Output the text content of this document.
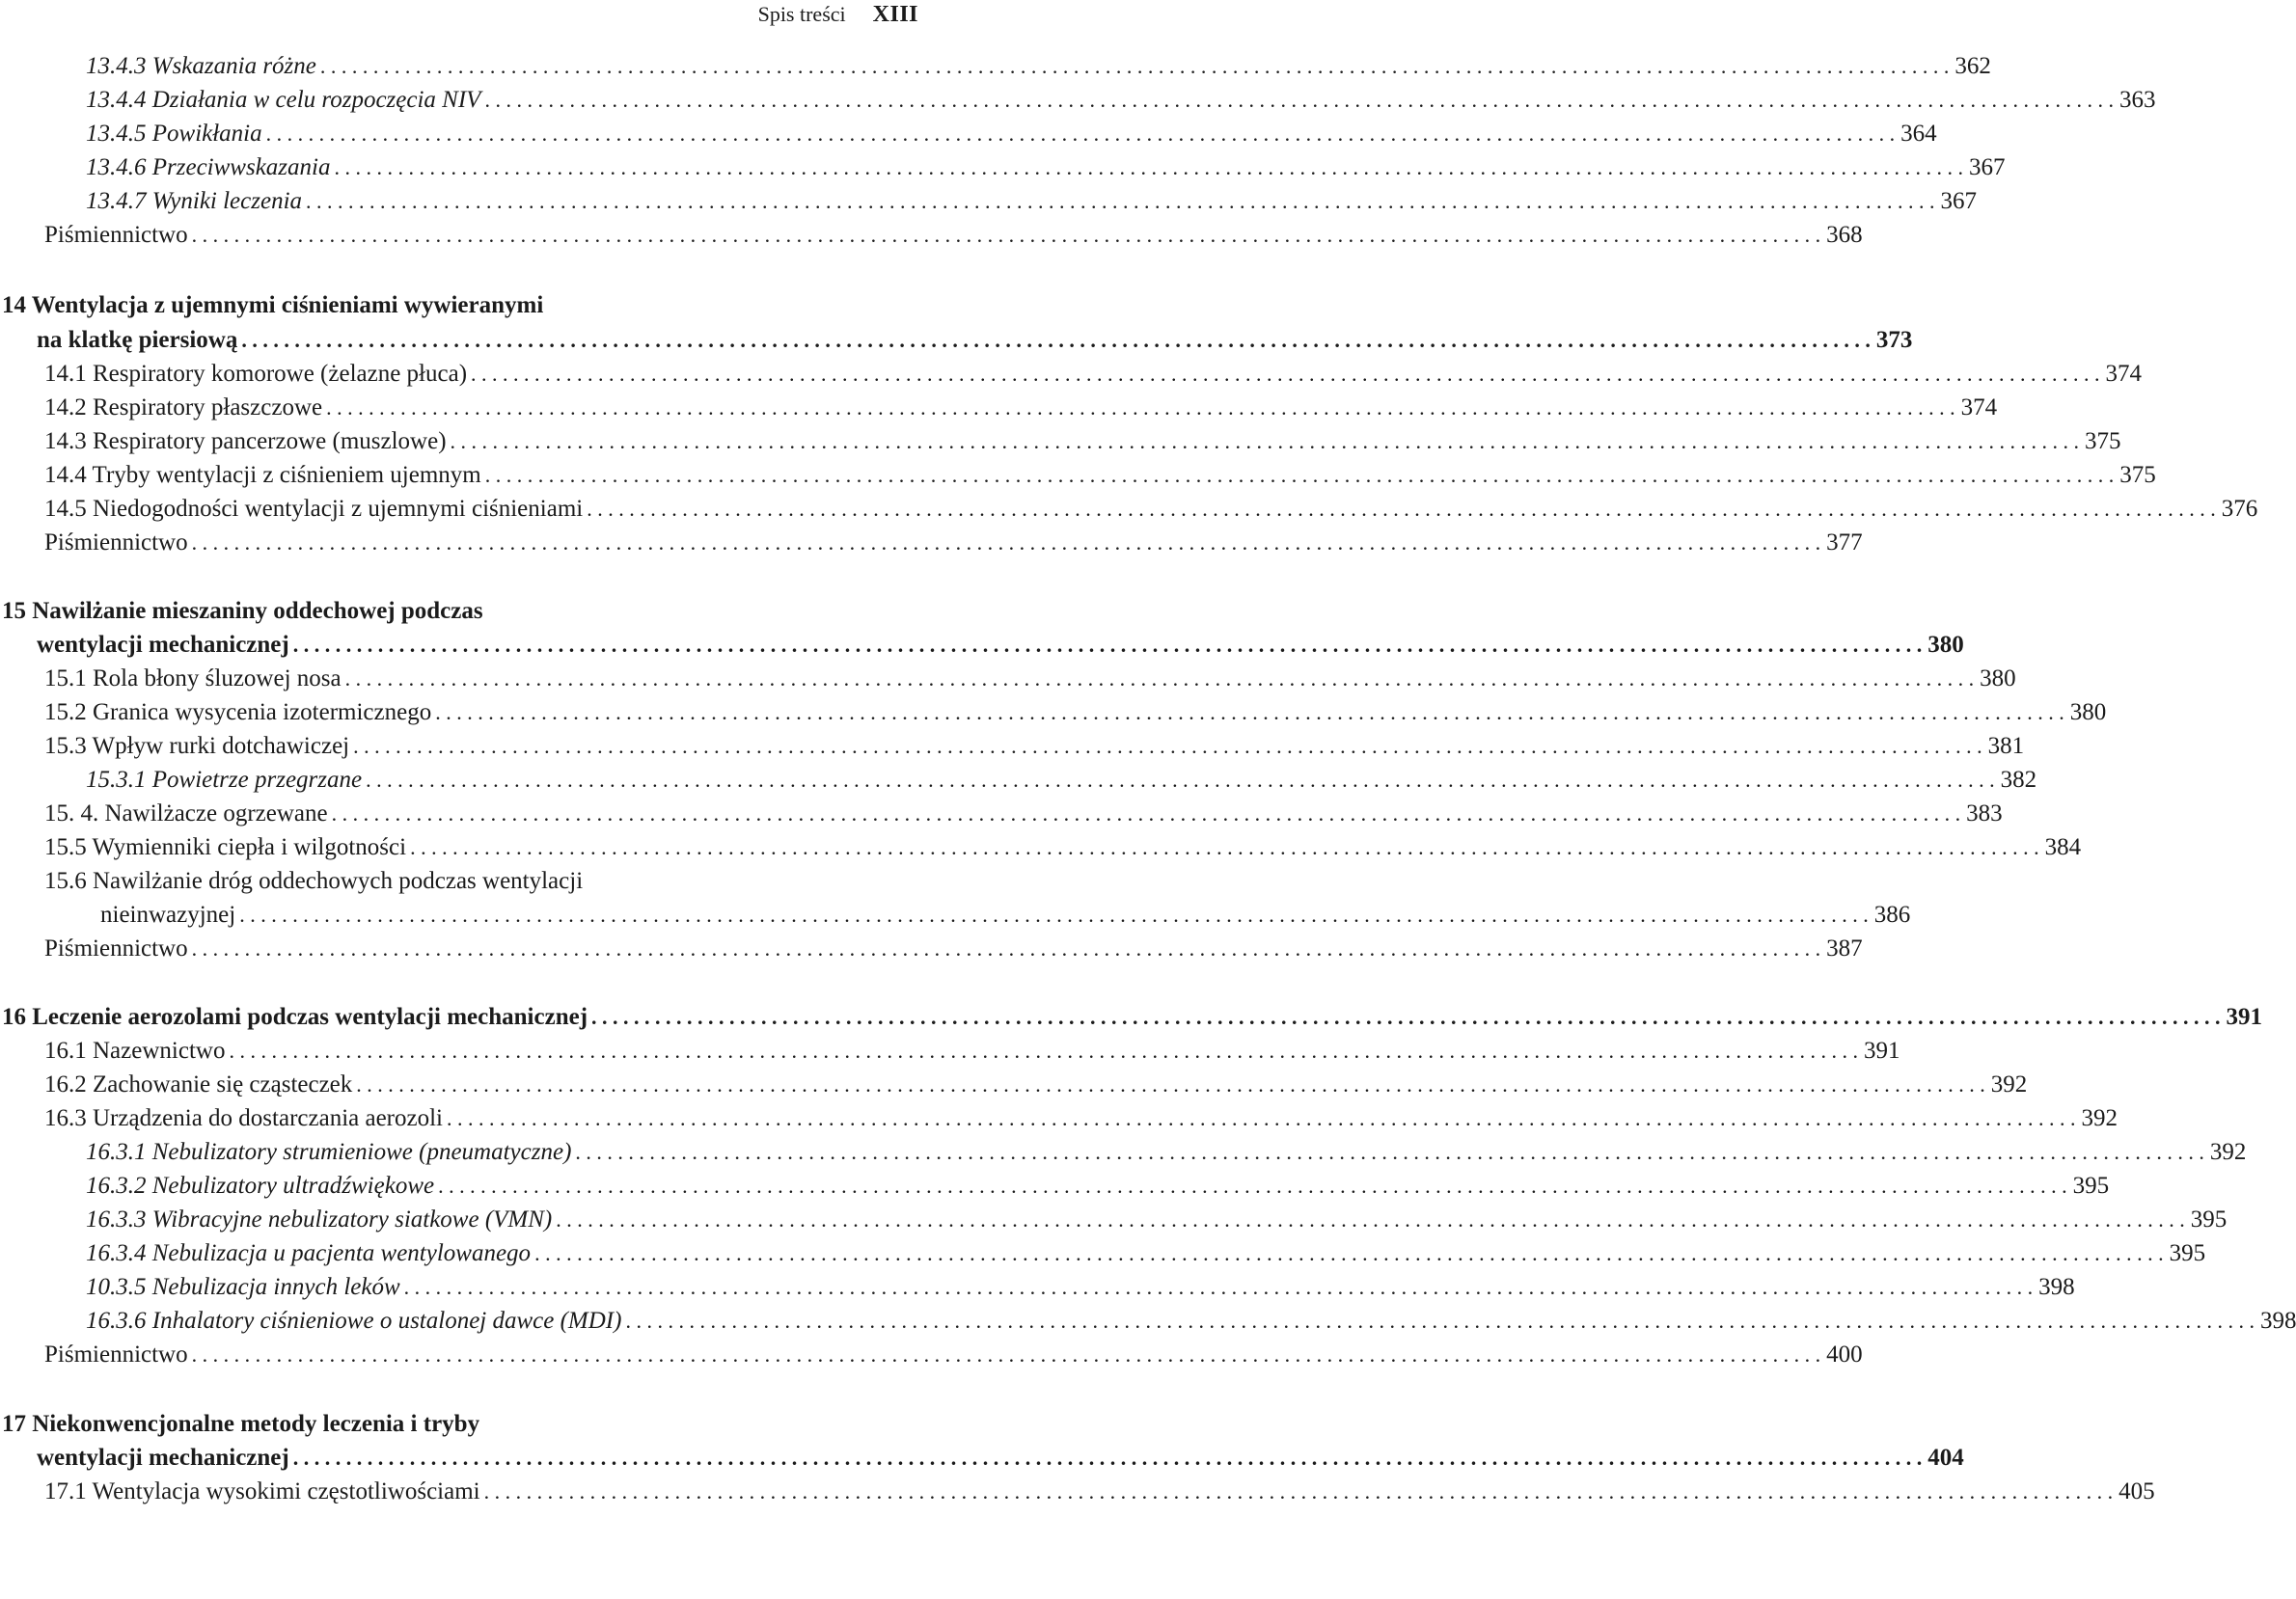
Spis treści XIII
13.4.3 Wskazania różne . . .	362
13.4.4 Działania w celu rozpoczęcia NIV . . .	363
13.4.5 Powikłania . . .	364
13.4.6 Przeciwwskazania . . .	367
13.4.7 Wyniki leczenia . . .	367
Piśmiennictwo . . .	368
14 Wentylacja z ujemnymi ciśnieniami wywieranymi
na klatkę piersiową . . .	373
14.1 Respiratory komorowe (żelazne płuca) . . .	374
14.2 Respiratory płaszczowe . . .	374
14.3 Respiratory pancerzowe (muszlowe) . . .	375
14.4 Tryby wentylacji z ciśnieniem ujemnym . . .	375
14.5 Niedogodności wentylacji z ujemnymi ciśnieniami . . .	376
Piśmiennictwo . . .	377
15 Nawilżanie mieszaniny oddechowej podczas
wentylacji mechanicznej . . .	380
15.1 Rola błony śluzowej nosa . . .	380
15.2 Granica wysycenia izotermicznego . . .	380
15.3 Wpływ rurki dotchawiczej . . .	381
15.3.1 Powietrze przegrzane . . .	382
15. 4. Nawilżacze ogrzewane . . .	383
15.5 Wymienniki ciepła i wilgotności . . .	384
15.6 Nawilżanie dróg oddechowych podczas wentylacji
nieinwazyjnej . . .	386
Piśmiennictwo . . .	387
16 Leczenie aerozolami podczas wentylacji mechanicznej . . .	391
16.1 Nazewnictwo . . .	391
16.2 Zachowanie się cząsteczek . . .	392
16.3 Urządzenia do dostarczania aerozoli . . .	392
16.3.1 Nebulizatory strumieniowe (pneumatyczne) . . .	392
16.3.2 Nebulizatory ultradźwiękowe . . .	395
16.3.3 Wibracyjne nebulizatory siatkowe (VMN) . . .	395
16.3.4 Nebulizacja u pacjenta wentylowanego . . .	395
10.3.5 Nebulizacja innych leków . . .	398
16.3.6 Inhalatory ciśnieniowe o ustalonej dawce (MDI) . . .	398
Piśmiennictwo . . .	400
17 Niekonwencjonalne metody leczenia i tryby
wentylacji mechanicznej . . .	404
17.1 Wentylacja wysokimi częstotliwościami . . .	405
